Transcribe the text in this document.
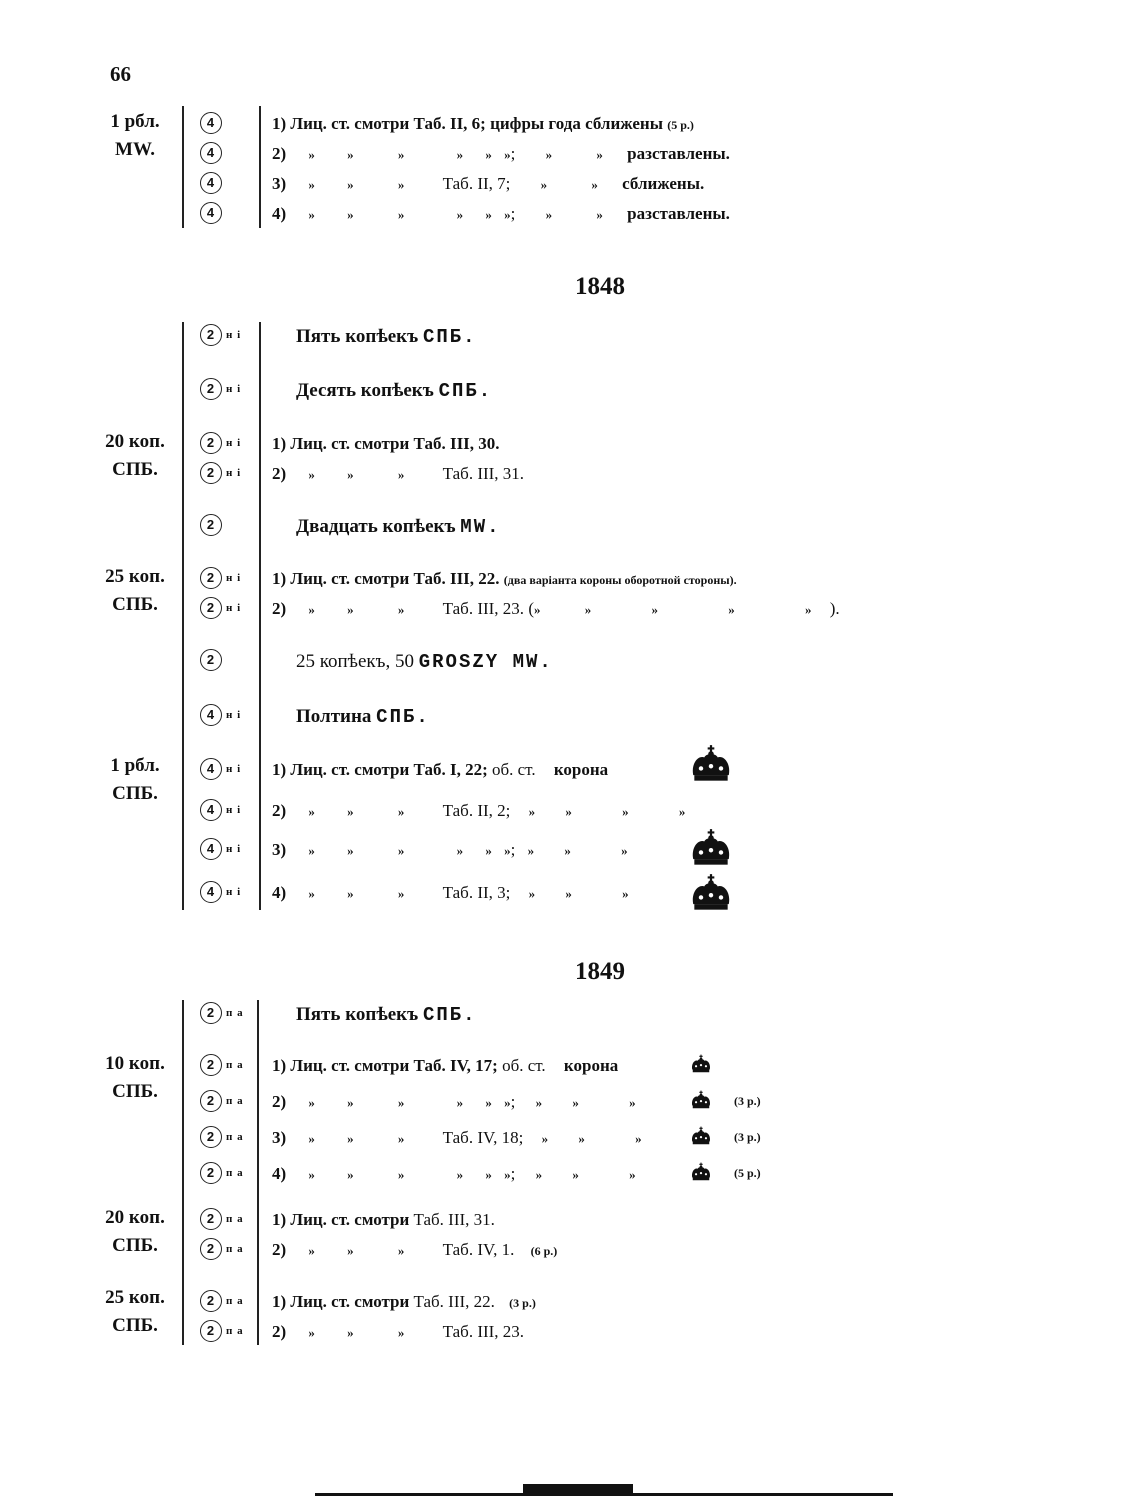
66
1 рбл.
MW.
4	1) Лиц. ст. смотри Таб. II, 6; цифры года сближены (5 р.)
4	2) » »	»	» » »; »	» разставлены.
4	3) » »	» Таб. II, 7; »	» сближены.
4	4) » »	»	» » »; »	» разставлены.
1848
2 н і	Пять копѣекъ СПБ.
2 н і	Десять копѣекъ СПБ.
20 коп.
СПБ.
2 н і 1) Лиц. ст. смотри Таб. III, 30.
2 н і 2) » »	» Таб. III, 31.
2	Двадцать копѣекъ MW.
25 коп.
СПБ.
2 н і 1) Лиц. ст. смотри Таб. III, 22. (два варіанта короны оборотной стороны).
2 н і 2) » »	» Таб. III, 23. (»	»	»	»	» ).
2	25 копѣекъ, 50 GROSZY MW.
4 н і	Полтина СПБ.
1 рбл.
СПБ.
4 н і 1) Лиц. ст. смотри Таб. I, 22; об. ст. корона
4 н і 2) » »	» Таб. II, 2; » »	»	»
4 н і 3) » »	»	» » »; » »	»
4 н і 4) » »	» Таб. II, 3; » »	»
1849
2 п а	Пять копѣекъ СПБ.
10 коп.
СПБ.
2 п а 1) Лиц. ст. смотри Таб. IV, 17; об. ст. корона
2 п а 2) » »	»	» » »; » »	»	(3 р.)
2 п а 3) » »	» Таб. IV, 18; » »	»	(3 р.)
2 п а 4) » »	»	» » »; » »	»	(5 р.)
20 коп.
СПБ.
2 п а 1) Лиц. ст. смотри Таб. III, 31.
2 п а 2) » »	» Таб. IV, 1. (6 р.)
25 коп.
СПБ.
2 п а 1) Лиц. ст. смотри Таб. III, 22. (3 р.)
2 п а 2) » »	» Таб. III, 23.
